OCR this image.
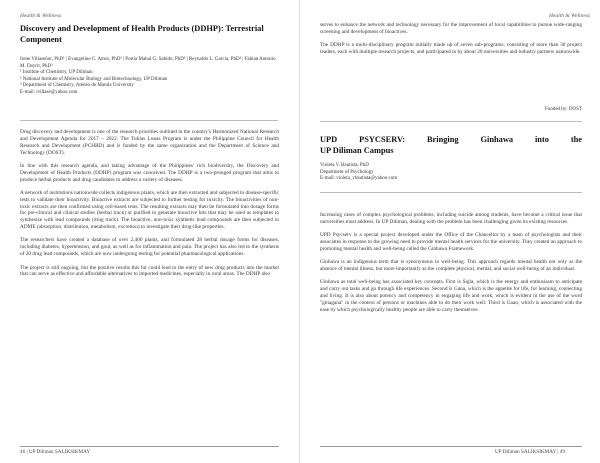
Health & Wellness
Discovery and Development of Health Products (DDHP): Terrestrial Component
Irene Villaseñor, PhD¹ | Evangeline C. Amor, PhD² | Portia Mahal G. Sabido, PhD³ | Reynaldo L. Garcia, PhD² | Fabian Antonio M. Dayrit, PhD³
¹ Institute of Chemistry, UP Diliman
² National Institute of Molecular Biology and Biotechnology, UP Diliman
³ Department of Chemistry, Ateneo de Manila University
E-mail: ivillase@yahoo.com

Drug discovery and development is one of the research priorities outlined in the country's Harmonized National Research and Development Agenda for 2017 – 2022. The Tuklas Lunas Program is under the Philippine Council for Health Research and Development (PCHRD) and is funded by the same organization and the Department of Science and Technology (DOST).

In line with this research agenda, and taking advantage of the Philippines' rich biodiversity, the Discovery and Development of Health Products (DDHP) program was conceived. The DDHP is a two-pronged program that aims to produce herbal products and drug candidates to address a variety of diseases.

A network of institutions nationwide collects indigenous plants, which are then extracted and subjected to disease-specific tests to validate their bioactivity. Bioactive extracts are subjected to further testing for toxicity. The bioactivities of non-toxic extracts are then confirmed using cell-based tests. The resulting extracts may then be formulated into dosage forms for pre-clinical and clinical studies (herbal track) or purified to generate bioactive hits that may be used as templates to synthesize with lead compounds (drug track). The bioactive, non-toxic synthetic lead compounds are then subjected to ADME (absorption, distribution, metabolism, excretion) to investigate their drug-like properties.

The researchers have created a database of over 2,400 plants, and formulated 28 herbal dosage forms for diseases, including diabetes, hypertension, and gout, as well as for inflammation and pain. The project has also led to the synthesis of 20 drug lead compounds, which are now undergoing testing for potential pharmacological applications.

The project is still ongoing, but the positive results this far could lead to the entry of new drug products into the market that can serve as effective and affordable alternatives to imported medicines, especially in rural areas. The DDHP also

46 | UP Diliman SALIKSIKMAY
Health & Wellness

serves to enhance the network and technology necessary for the improvement of local capabilities to pursue wide-ranging screening and development of bioactives.

The DDHP is a multi-disciplinary program initially made up of seven sub-programs, consisting of more than 30 project leaders, each with multiple research projects, and participated in by about 20 universities and industry partners nationwide.

Funded by: DOST
UPD PSYCSERV: Bringing Ginhawa into the
UP Diliman Campus
Violeta V. Bautista, PhD
Department of Psychology
E-mail: violeta_vbautista@yahoo.com

Increasing cases of complex psychological problems, including suicide among students, have become a critical issue that universities must address. In UP Diliman, dealing with the problem has been challenging given its existing resources.

UPD Psycserv is a special project developed under the Office of the Chancellor by a team of psychologists and their associates in response to the growing need to provide mental health services for the university. They created an approach to promoting mental health and well-being called the Ginhawa Framework.

Ginhawa is an indigenous term that is synonymous to well-being. This approach regards mental health not only as the absence of mental illness, but more importantly as the complete physical, mental, and social well-being of an individual.

Ginhawa as total well-being has associated key concepts. First is Sigla, which is the energy and enthusiasm to anticipate and carry out tasks and go through life experiences. Second is Gana, which is the appetite for life, for learning, connecting and living. It is also about potency and competency in engaging life and work, which is evident in the use of the word "ginagana" in the context of persons or machines able to do their work well. Third is Gaan, which is associated with the ease by which psychologically healthy people are able to carry themselves

UP Diliman SALIKSIKMAY | 49
